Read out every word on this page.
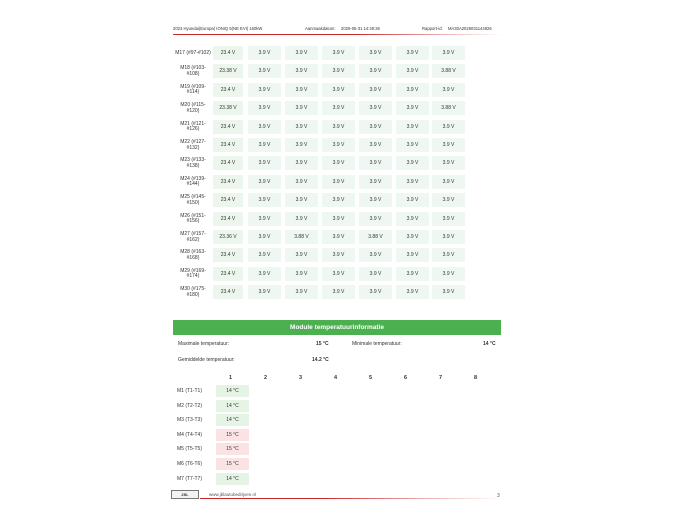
2023 Hyundai(Europa) IONIQ 5(NE EVI) 160kW	Aanmaakdatum: 2026-05-31 14:49:26	Rapport-id: MA30A2026031144926
M17 (#97-#102)	23.4 V	3.9 V	3.9 V	3.9 V	3.9 V	3.9 V	3.9 V
M18 (#103-#108)	23.38 V	3.9 V	3.9 V	3.9 V	3.9 V	3.9 V	3.88 V
M19 (#109-#114)	23.4 V	3.9 V	3.9 V	3.9 V	3.9 V	3.9 V	3.9 V
M20 (#115-#120)	23.38 V	3.9 V	3.9 V	3.9 V	3.9 V	3.9 V	3.88 V
M21 (#121-#126)	23.4 V	3.9 V	3.9 V	3.9 V	3.9 V	3.9 V	3.9 V
M22 (#127-#132)	23.4 V	3.9 V	3.9 V	3.9 V	3.9 V	3.9 V	3.9 V
M23 (#133-#138)	23.4 V	3.9 V	3.9 V	3.9 V	3.9 V	3.9 V	3.9 V
M24 (#139-#144)	23.4 V	3.9 V	3.9 V	3.9 V	3.9 V	3.9 V	3.9 V
M25 (#145-#150)	23.4 V	3.9 V	3.9 V	3.9 V	3.9 V	3.9 V	3.9 V
M26 (#151-#156)	23.4 V	3.9 V	3.9 V	3.9 V	3.9 V	3.9 V	3.9 V
M27 (#157-#162)	23.36 V	3.9 V	3.88 V	3.9 V	3.88 V	3.9 V	3.9 V
M28 (#163-#168)	23.4 V	3.9 V	3.9 V	3.9 V	3.9 V	3.9 V	3.9 V
M29 (#169-#174)	23.4 V	3.9 V	3.9 V	3.9 V	3.9 V	3.9 V	3.9 V
M30 (#175-#180)	23.4 V	3.9 V	3.9 V	3.9 V	3.9 V	3.9 V	3.9 V
Module temperatuurinformatie
Maximale temperatuur:	15 °C	Minimale temperatuur:	14 °C
Gemiddelde temperatuur:	14.2 °C
1	2	3	4	5	6	7	8
M1 (T1-T1)	14 °C
M2 (T2-T2)	14 °C
M3 (T3-T3)	14 °C
M4 (T4-T4)	15 °C
M5 (T5-T5)	15 °C
M6 (T6-T6)	15 °C
M7 (T7-T7)	14 °C
JBL	www.jblautobedrijven.nl	3
